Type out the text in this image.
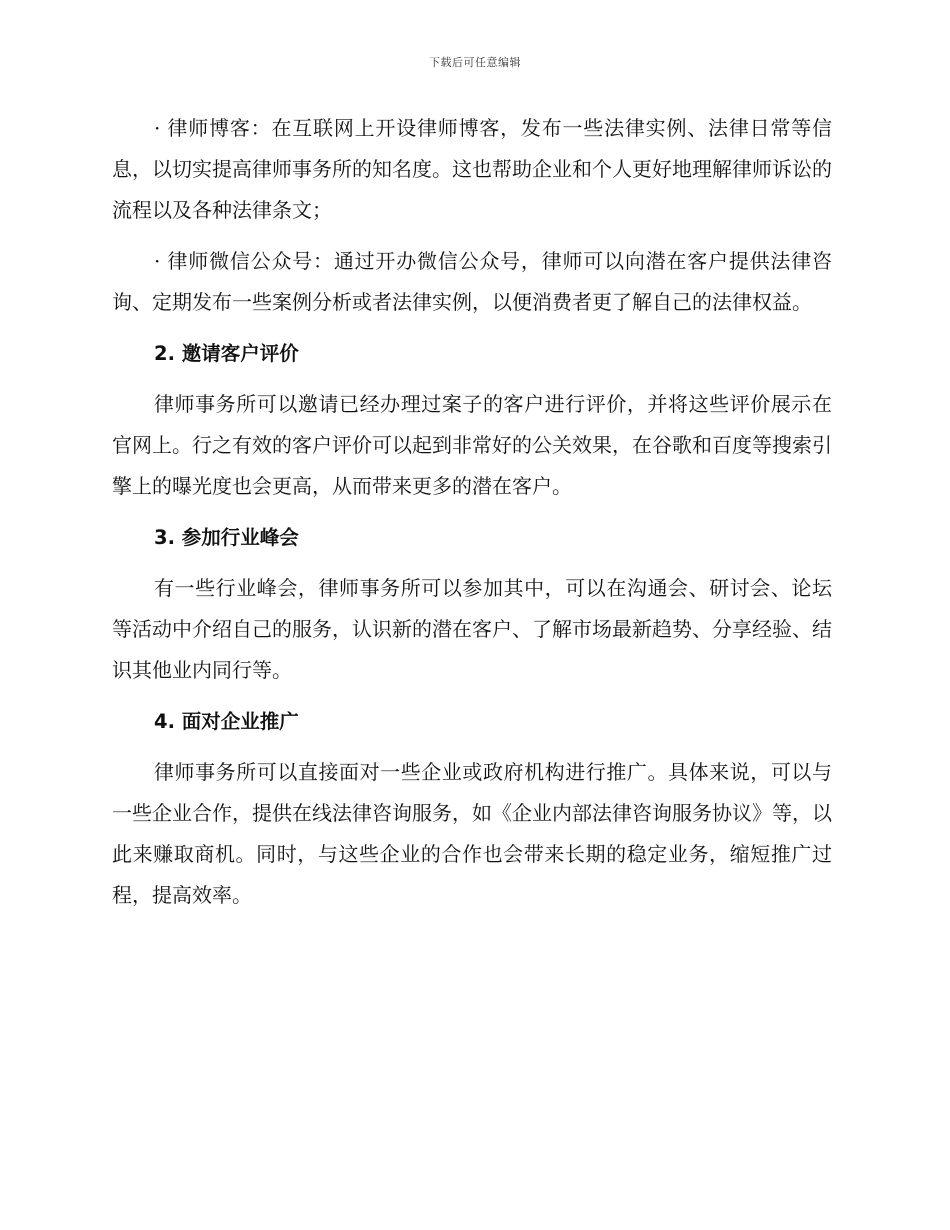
下载后可任意编辑

· 律师博客：在互联网上开设律师博客，发布一些法律实例、法律日常等信息，以切实提高律师事务所的知名度。这也帮助企业和个人更好地理解律师诉讼的流程以及各种法律条文；

· 律师微信公众号：通过开办微信公众号，律师可以向潜在客户提供法律咨询、定期发布一些案例分析或者法律实例，以便消费者更了解自己的法律权益。

2. 邀请客户评价

律师事务所可以邀请已经办理过案子的客户进行评价，并将这些评价展示在官网上。行之有效的客户评价可以起到非常好的公关效果，在谷歌和百度等搜索引擎上的曝光度也会更高，从而带来更多的潜在客户。

3. 参加行业峰会

有一些行业峰会，律师事务所可以参加其中，可以在沟通会、研讨会、论坛等活动中介绍自己的服务，认识新的潜在客户、了解市场最新趋势、分享经验、结识其他业内同行等。

4. 面对企业推广

律师事务所可以直接面对一些企业或政府机构进行推广。具体来说，可以与一些企业合作，提供在线法律咨询服务，如《企业内部法律咨询服务协议》等，以此来赚取商机。同时，与这些企业的合作也会带来长期的稳定业务，缩短推广过程，提高效率。
